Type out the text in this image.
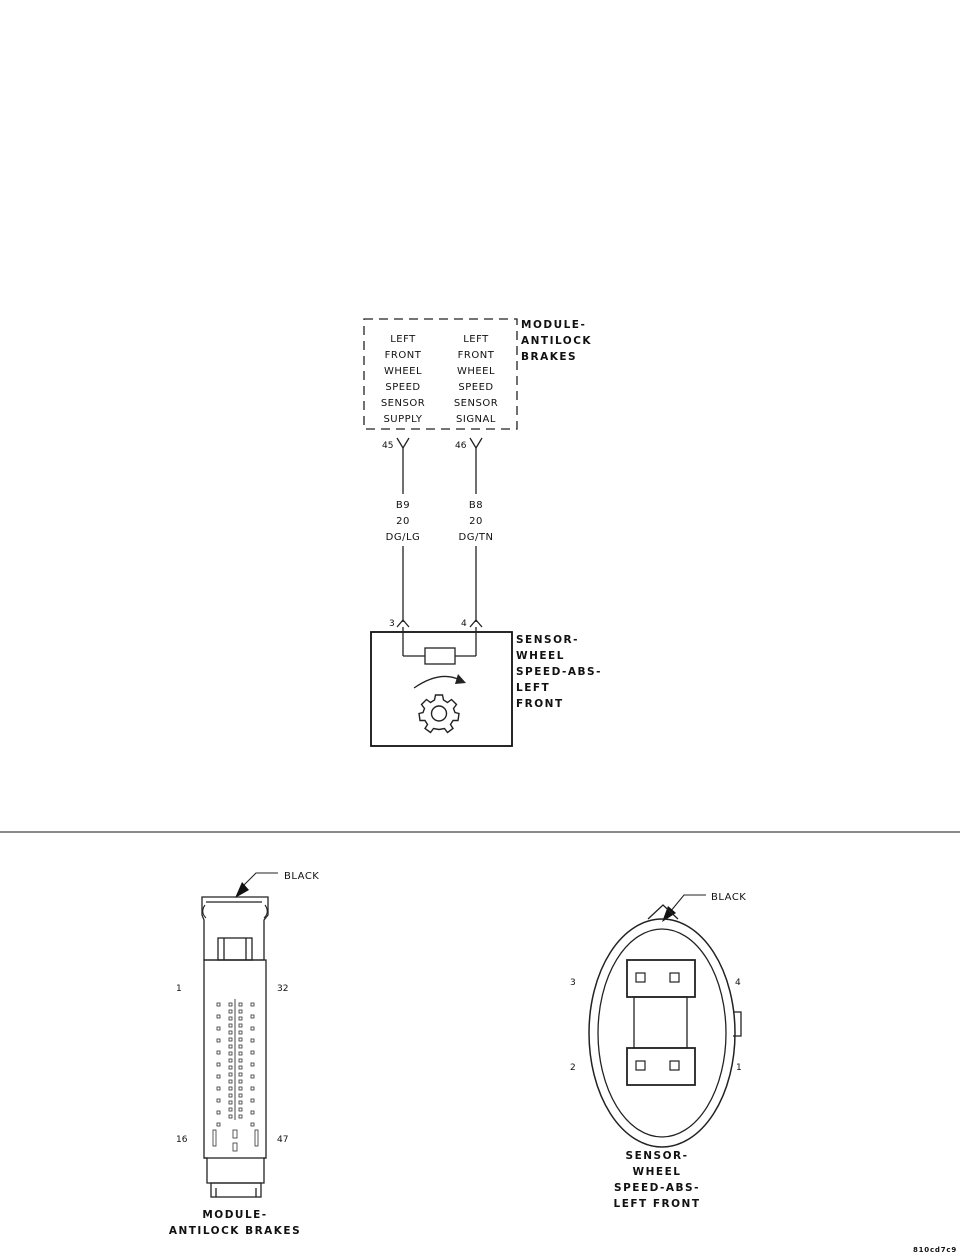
LEFT
FRONT
WHEEL
SPEED
SENSOR
SUPPLY
LEFT
FRONT
WHEEL
SPEED
SENSOR
SIGNAL
MODULE-
ANTILOCK
BRAKES
45	46
B9
20
DG/LG
B8
20
DG/TN
3	4
SENSOR-
WHEEL
SPEED-ABS-
LEFT
FRONT
BLACK
1	32
16	47
MODULE-
ANTILOCK BRAKES
BLACK
3	4
2	1
SENSOR-
WHEEL
SPEED-ABS-
LEFT FRONT
810cd7c9
